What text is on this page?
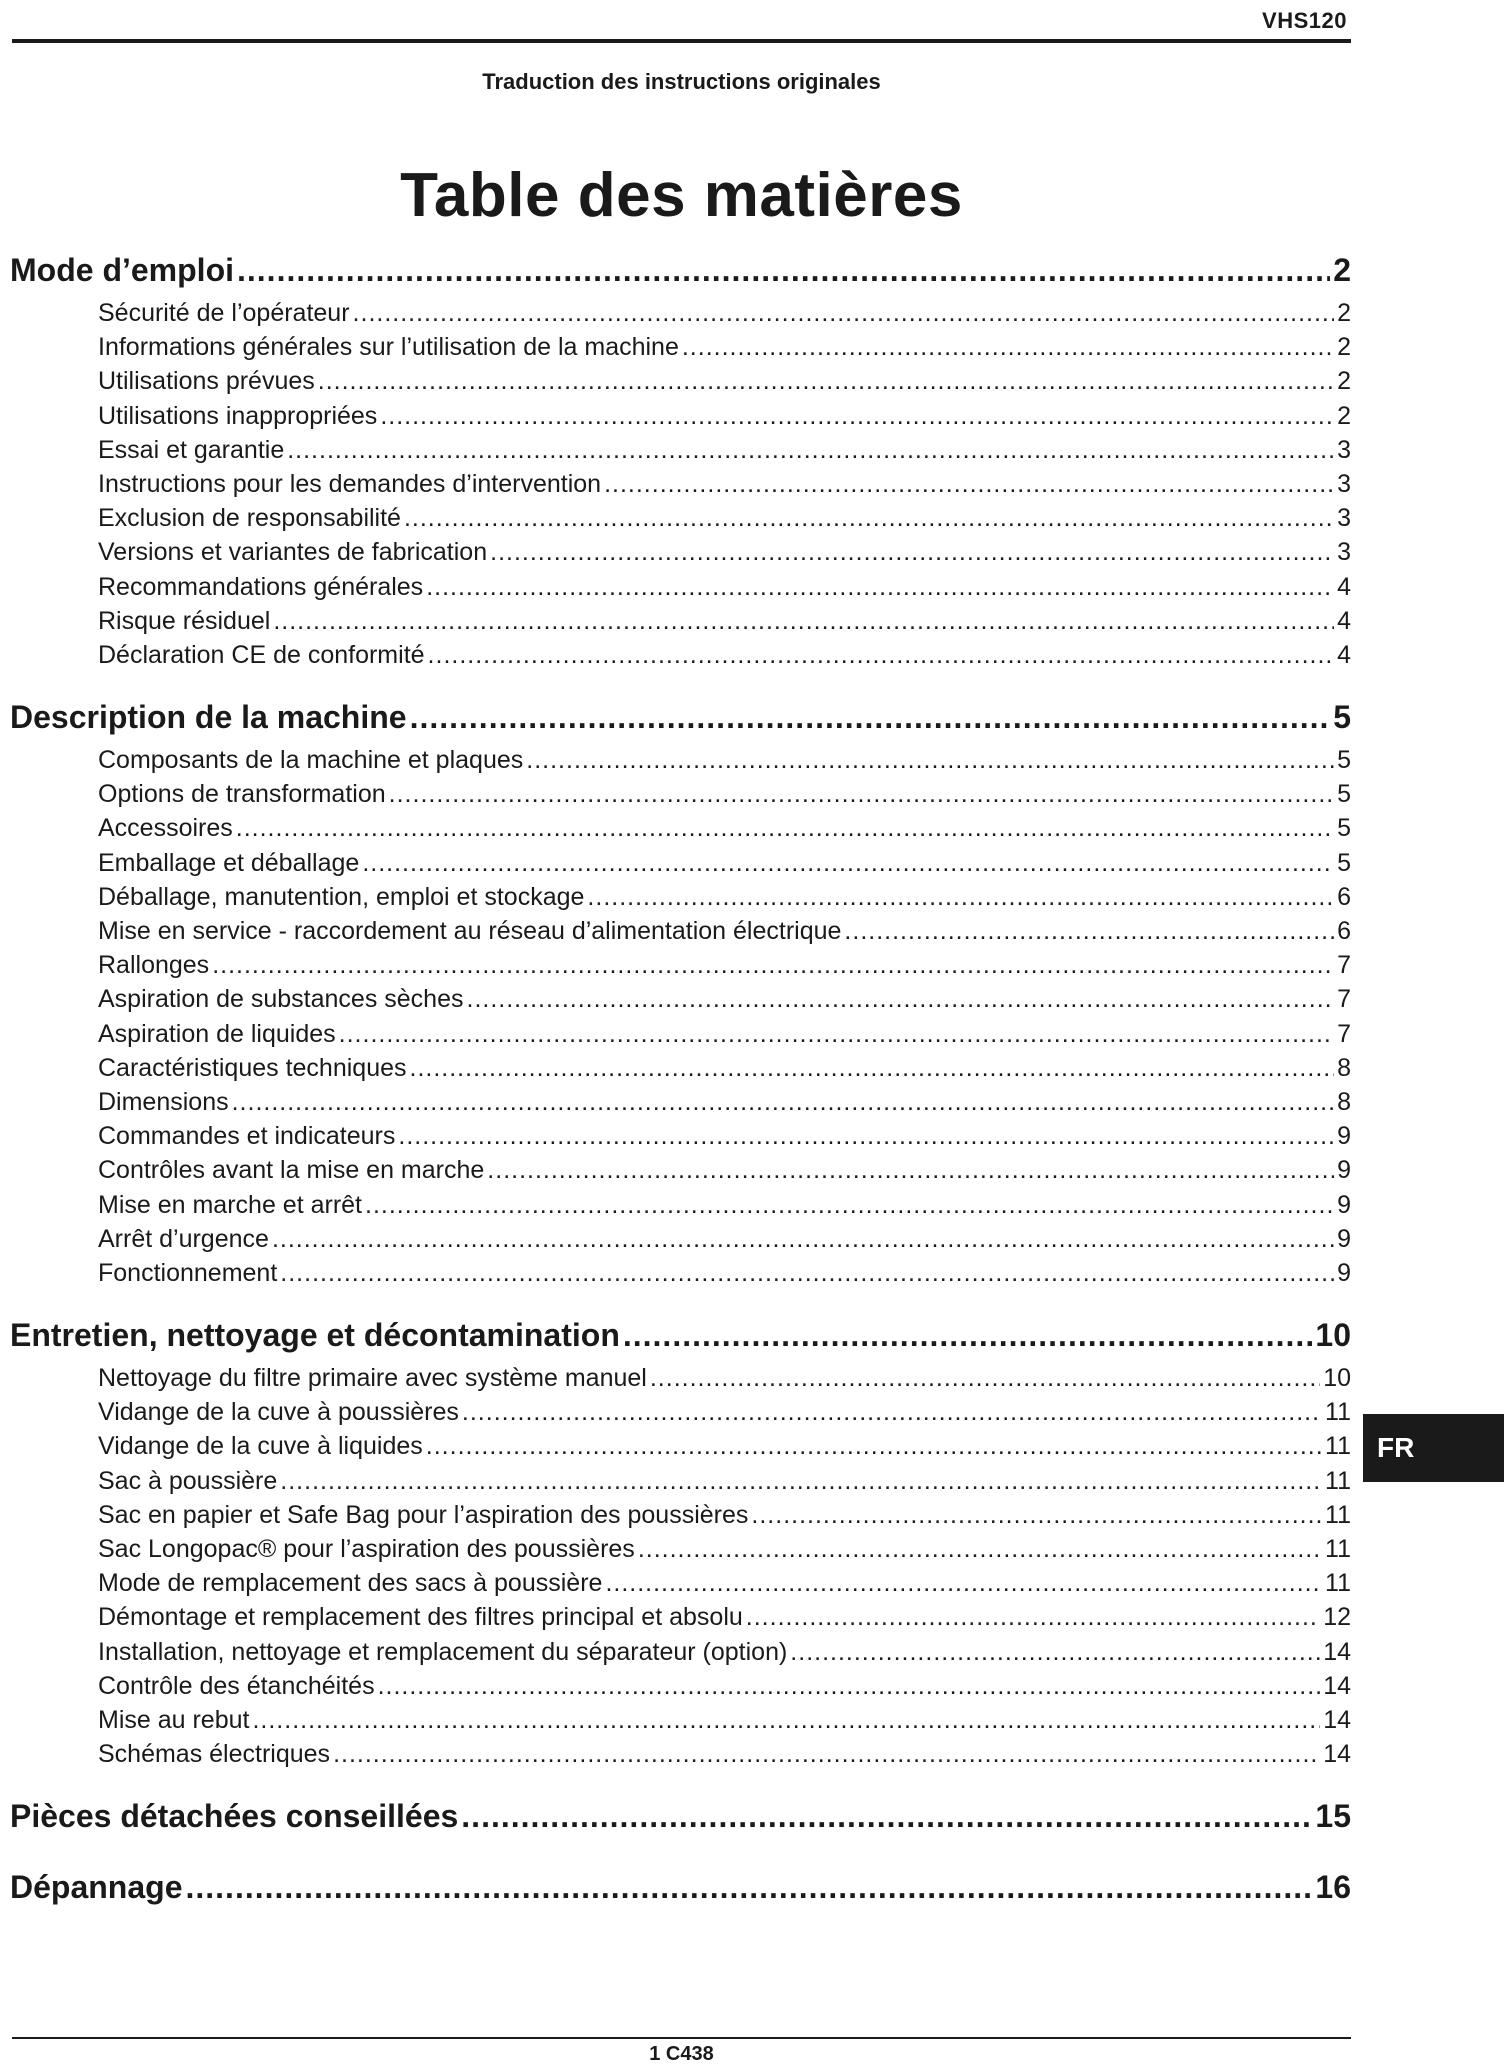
VHS120
Traduction des instructions originales
Table des matières
Mode d’emploi .....	2
Sécurité de l’opérateur .....	2
Informations générales sur l’utilisation de la machine .....	2
Utilisations prévues .....	2
Utilisations inappropriées .....	2
Essai et garantie .....	3
Instructions pour les demandes d’intervention .....	3
Exclusion de responsabilité .....	3
Versions et variantes de fabrication .....	3
Recommandations générales .....	4
Risque résiduel .....	4
Déclaration CE de conformité .....	4
Description de la machine .....	5
Composants de la machine et plaques .....	5
Options de transformation .....	5
Accessoires .....	5
Emballage et déballage .....	5
Déballage, manutention, emploi et stockage .....	6
Mise en service - raccordement au réseau d’alimentation électrique .....	6
Rallonges .....	7
Aspiration de substances sèches .....	7
Aspiration de liquides .....	7
Caractéristiques techniques .....	8
Dimensions .....	8
Commandes et indicateurs .....	9
Contrôles avant la mise en marche .....	9
Mise en marche et arrêt .....	9
Arrêt d’urgence .....	9
Fonctionnement .....	9
Entretien, nettoyage et décontamination .....	10
Nettoyage du filtre primaire avec système manuel .....	10
Vidange de la cuve à poussières .....	11
Vidange de la cuve à liquides .....	11
Sac à poussière .....	11
Sac en papier et Safe Bag pour l’aspiration des poussières .....	11
Sac Longopac® pour l’aspiration des poussières .....	11
Mode de remplacement des sacs à poussière .....	11
Démontage et remplacement des filtres principal et absolu .....	12
Installation, nettoyage et remplacement du séparateur (option) .....	14
Contrôle des étanchéités .....	14
Mise au rebut .....	14
Schémas électriques .....	14
Pièces détachées conseillées .....	15
Dépannage .....	16
FR
1 C438
